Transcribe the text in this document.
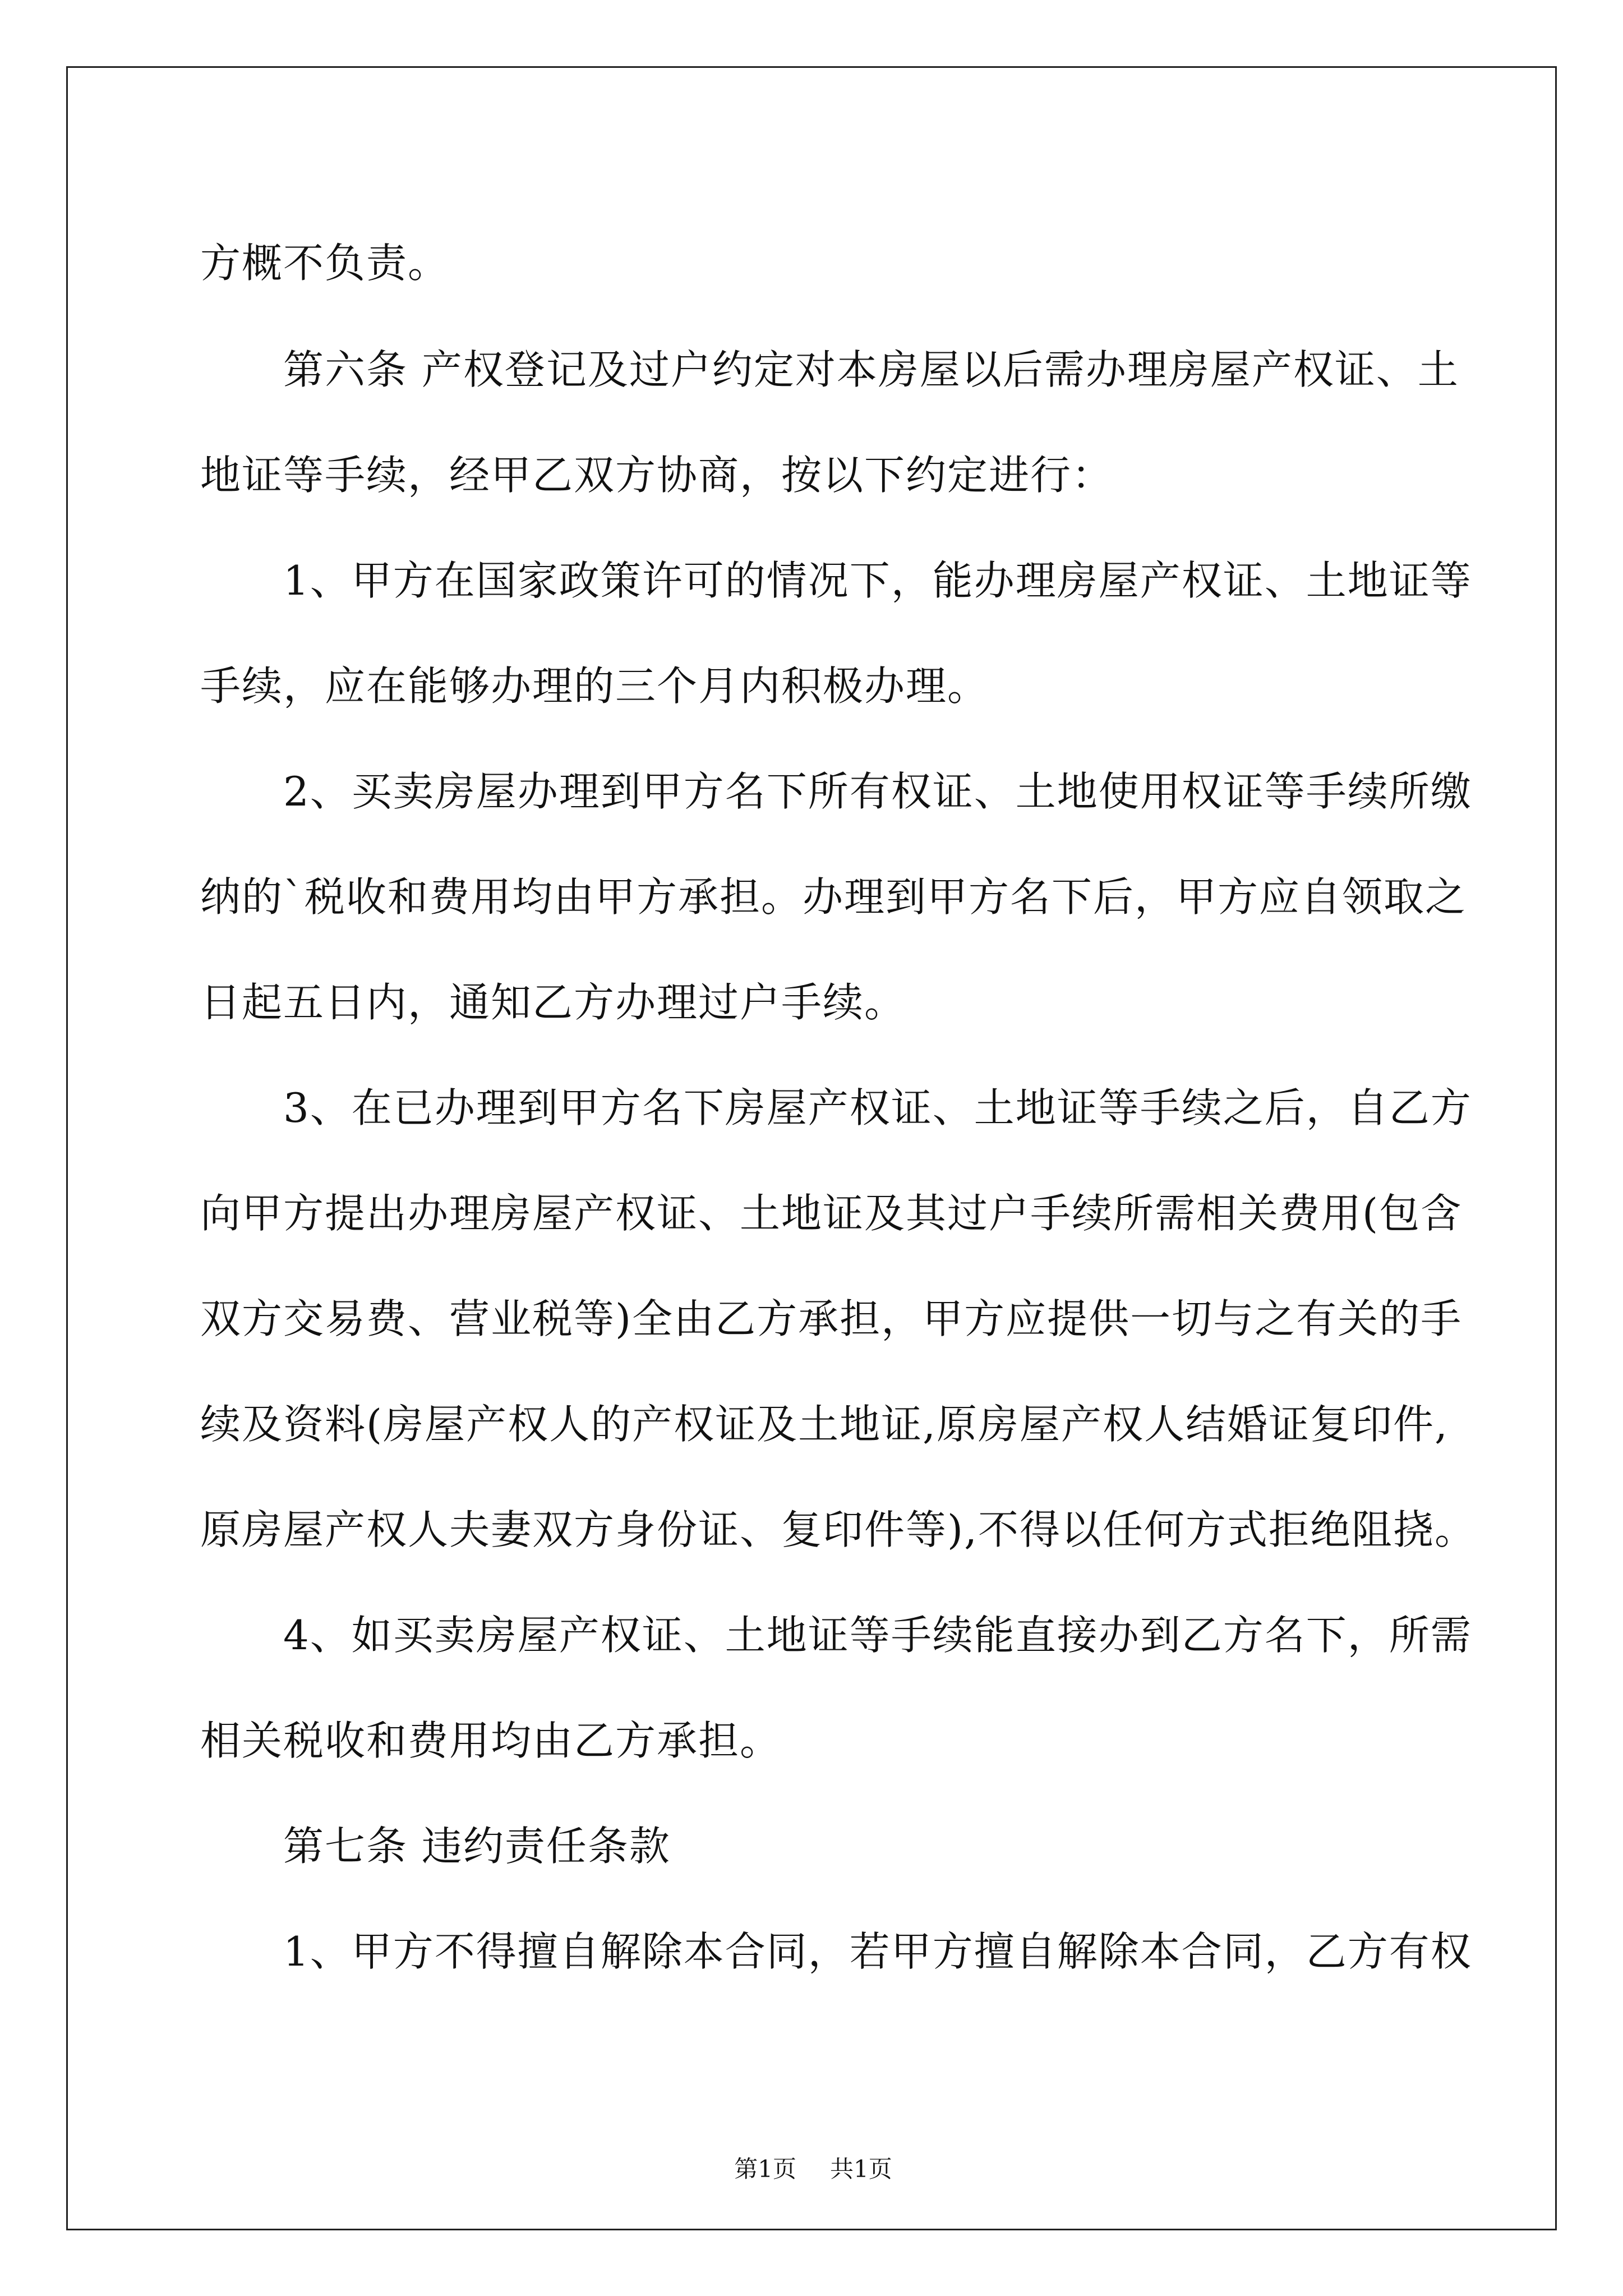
方概不负责。
　　第六条 产权登记及过户约定对本房屋以后需办理房屋产权证、土
地证等手续，经甲乙双方协商，按以下约定进行：
　　1、甲方在国家政策许可的情况下，能办理房屋产权证、土地证等
手续，应在能够办理的三个月内积极办理。
　　2、买卖房屋办理到甲方名下所有权证、土地使用权证等手续所缴
纳的`税收和费用均由甲方承担。办理到甲方名下后，甲方应自领取之
日起五日内，通知乙方办理过户手续。
　　3、在已办理到甲方名下房屋产权证、土地证等手续之后，自乙方
向甲方提出办理房屋产权证、土地证及其过户手续所需相关费用(包含
双方交易费、营业税等)全由乙方承担，甲方应提供一切与之有关的手
续及资料(房屋产权人的产权证及土地证,原房屋产权人结婚证复印件,
原房屋产权人夫妻双方身份证、复印件等),不得以任何方式拒绝阻挠。
　　4、如买卖房屋产权证、土地证等手续能直接办到乙方名下，所需
相关税收和费用均由乙方承担。
　　第七条 违约责任条款
　　1、甲方不得擅自解除本合同，若甲方擅自解除本合同，乙方有权
第1页 共1页
